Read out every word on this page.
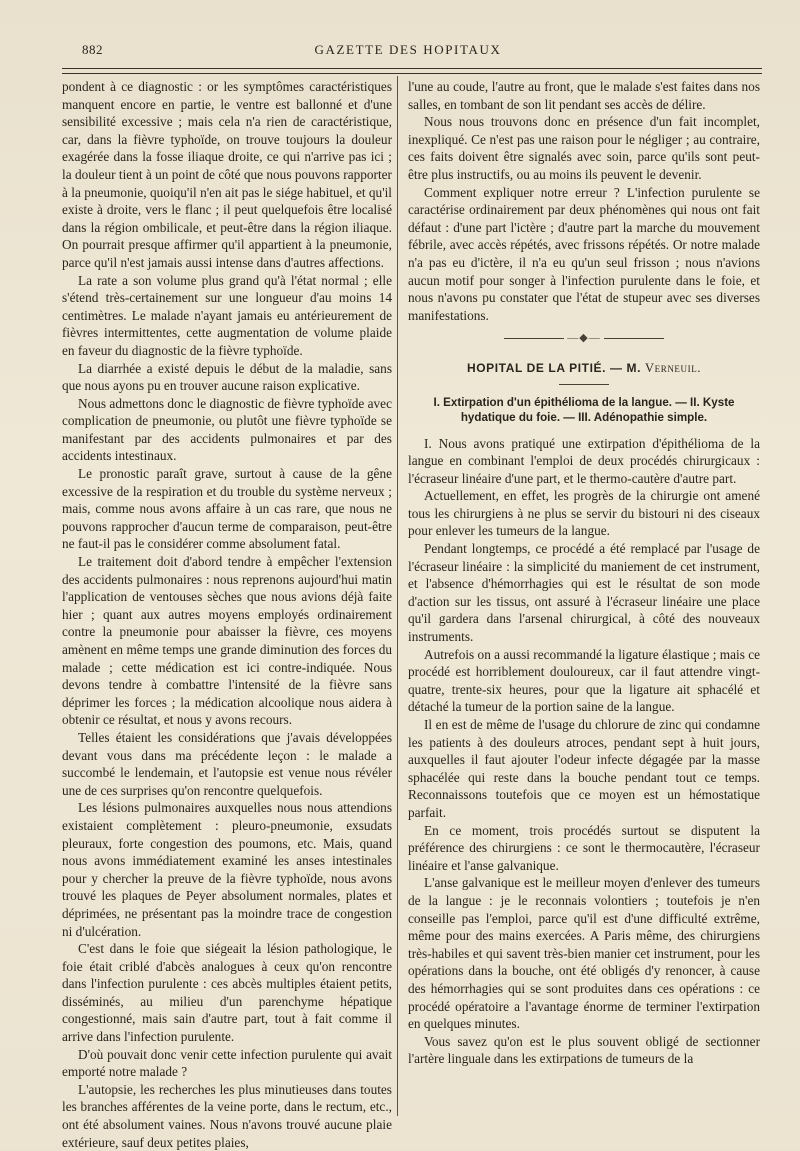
882	GAZETTE DES HOPITAUX

pondent à ce diagnostic : or les symptômes caractéristiques manquent encore en partie, le ventre est ballonné et d'une sensibilité excessive ; mais cela n'a rien de caractéristique, car, dans la fièvre typhoïde, on trouve toujours la douleur exagérée dans la fosse iliaque droite, ce qui n'arrive pas ici ; la douleur tient à un point de côté que nous pouvons rapporter à la pneumonie, quoiqu'il n'en ait pas le siége habituel, et qu'il existe à droite, vers le flanc ; il peut quelquefois être localisé dans la région ombilicale, et peut-être dans la région iliaque. On pourrait presque affirmer qu'il appartient à la pneumonie, parce qu'il n'est jamais aussi intense dans d'autres affections.

La rate a son volume plus grand qu'à l'état normal ; elle s'étend très-certainement sur une longueur d'au moins 14 centimètres. Le malade n'ayant jamais eu antérieurement de fièvres intermittentes, cette augmentation de volume plaide en faveur du diagnostic de la fièvre typhoïde.

La diarrhée a existé depuis le début de la maladie, sans que nous ayons pu en trouver aucune raison explicative.

Nous admettons donc le diagnostic de fièvre typhoïde avec complication de pneumonie, ou plutôt une fièvre typhoïde se manifestant par des accidents pulmonaires et par des accidents intestinaux.

Le pronostic paraît grave, surtout à cause de la gêne excessive de la respiration et du trouble du système nerveux ; mais, comme nous avons affaire à un cas rare, que nous ne pouvons rapprocher d'aucun terme de comparaison, peut-être ne faut-il pas le considérer comme absolument fatal.

Le traitement doit d'abord tendre à empêcher l'extension des accidents pulmonaires : nous reprenons aujourd'hui matin l'application de ventouses sèches que nous avions déjà faite hier ; quant aux autres moyens employés ordinairement contre la pneumonie pour abaisser la fièvre, ces moyens amènent en même temps une grande diminution des forces du malade ; cette médication est ici contre-indiquée. Nous devons tendre à combattre l'intensité de la fièvre sans déprimer les forces ; la médication alcoolique nous aidera à obtenir ce résultat, et nous y avons recours.

Telles étaient les considérations que j'avais développées devant vous dans ma précédente leçon : le malade a succombé le lendemain, et l'autopsie est venue nous révéler une de ces surprises qu'on rencontre quelquefois.

Les lésions pulmonaires auxquelles nous nous attendions existaient complètement : pleuro-pneumonie, exsudats pleuraux, forte congestion des poumons, etc. Mais, quand nous avons immédiatement examiné les anses intestinales pour y chercher la preuve de la fièvre typhoïde, nous avons trouvé les plaques de Peyer absolument normales, plates et déprimées, ne présentant pas la moindre trace de congestion ni d'ulcération.

C'est dans le foie que siégeait la lésion pathologique, le foie était criblé d'abcès analogues à ceux qu'on rencontre dans l'infection purulente : ces abcès multiples étaient petits, disséminés, au milieu d'un parenchyme hépatique congestionné, mais sain d'autre part, tout à fait comme il arrive dans l'infection purulente.

D'où pouvait donc venir cette infection purulente qui avait emporté notre malade ?

L'autopsie, les recherches les plus minutieuses dans toutes les branches afférentes de la veine porte, dans le rectum, etc., ont été absolument vaines. Nous n'avons trouvé aucune plaie extérieure, sauf deux petites plaies,

l'une au coude, l'autre au front, que le malade s'est faites dans nos salles, en tombant de son lit pendant ses accès de délire.

Nous nous trouvons donc en présence d'un fait incomplet, inexpliqué. Ce n'est pas une raison pour le négliger ; au contraire, ces faits doivent être signalés avec soin, parce qu'ils sont peut-être plus instructifs, ou au moins ils peuvent le devenir.

Comment expliquer notre erreur ? L'infection purulente se caractérise ordinairement par deux phénomènes qui nous ont fait défaut : d'une part l'ictère ; d'autre part la marche du mouvement fébrile, avec accès répétés, avec frissons répétés. Or notre malade n'a pas eu d'ictère, il n'a eu qu'un seul frisson ; nous n'avions aucun motif pour songer à l'infection purulente dans le foie, et nous n'avons pu constater que l'état de stupeur avec ses diverses manifestations.

—◆—
HOPITAL DE LA PITIÉ. — M. Verneuil.
I. Extirpation d'un épithélioma de la langue. — II. Kyste hydatique du foie. — III. Adénopathie simple.

I. Nous avons pratiqué une extirpation d'épithélioma de la langue en combinant l'emploi de deux procédés chirurgicaux : l'écraseur linéaire d'une part, et le thermo-cautère d'autre part.

Actuellement, en effet, les progrès de la chirurgie ont amené tous les chirurgiens à ne plus se servir du bistouri ni des ciseaux pour enlever les tumeurs de la langue.

Pendant longtemps, ce procédé a été remplacé par l'usage de l'écraseur linéaire : la simplicité du maniement de cet instrument, et l'absence d'hémorrhagies qui est le résultat de son mode d'action sur les tissus, ont assuré à l'écraseur linéaire une place qu'il gardera dans l'arsenal chirurgical, à côté des nouveaux instruments.

Autrefois on a aussi recommandé la ligature élastique ; mais ce procédé est horriblement douloureux, car il faut attendre vingt-quatre, trente-six heures, pour que la ligature ait sphacélé et détaché la tumeur de la portion saine de la langue.

Il en est de même de l'usage du chlorure de zinc qui condamne les patients à des douleurs atroces, pendant sept à huit jours, auxquelles il faut ajouter l'odeur infecte dégagée par la masse sphacélée qui reste dans la bouche pendant tout ce temps. Reconnaissons toutefois que ce moyen est un hémostatique parfait.

En ce moment, trois procédés surtout se disputent la préférence des chirurgiens : ce sont le thermocautère, l'écraseur linéaire et l'anse galvanique.

L'anse galvanique est le meilleur moyen d'enlever des tumeurs de la langue : je le reconnais volontiers ; toutefois je n'en conseille pas l'emploi, parce qu'il est d'une difficulté extrême, même pour des mains exercées. A Paris même, des chirurgiens très-habiles et qui savent très-bien manier cet instrument, pour les opérations dans la bouche, ont été obligés d'y renoncer, à cause des hémorrhagies qui se sont produites dans ces opérations : ce procédé opératoire a l'avantage énorme de terminer l'extirpation en quelques minutes.

Vous savez qu'on est le plus souvent obligé de sectionner l'artère linguale dans les extirpations de tumeurs de la
